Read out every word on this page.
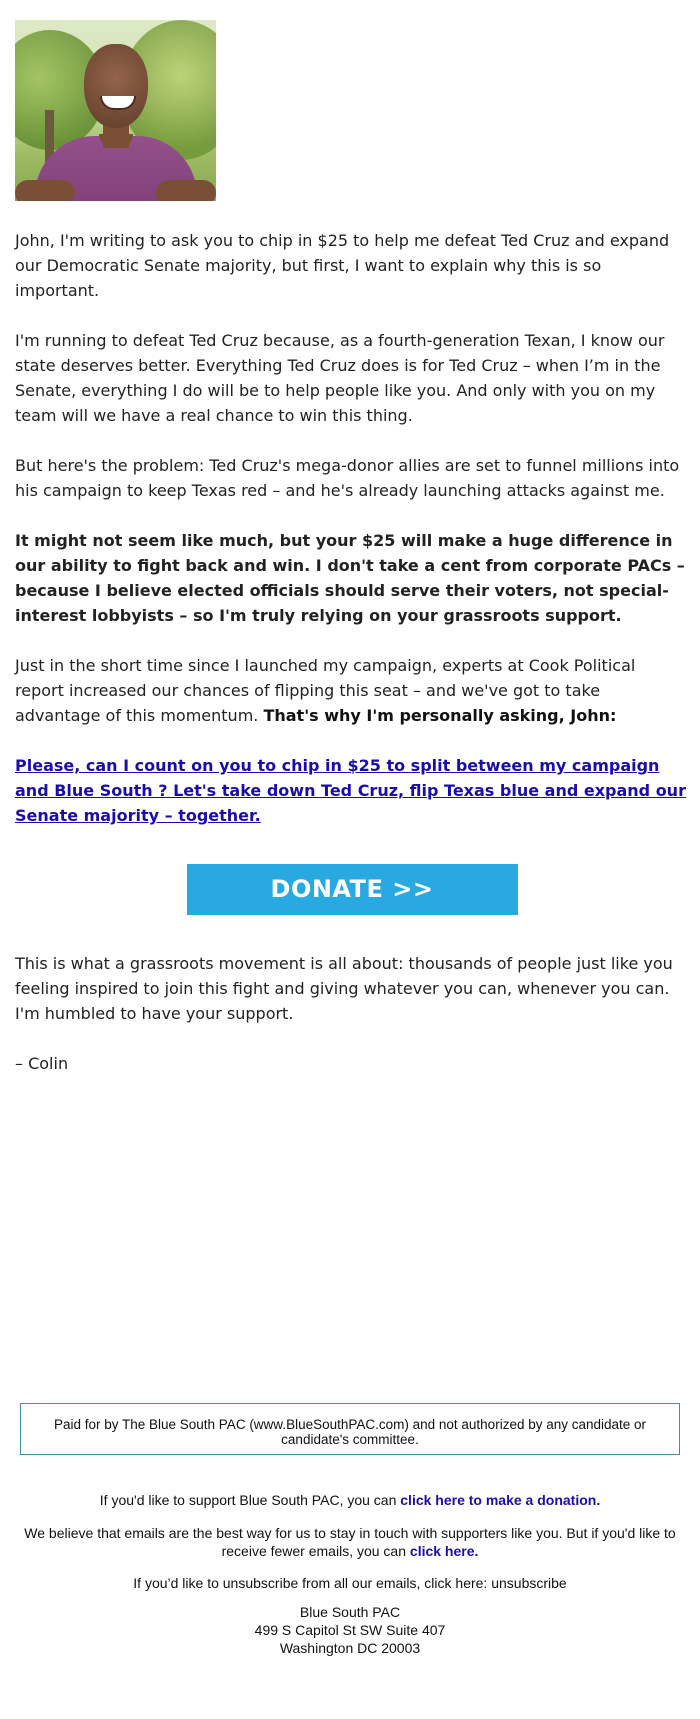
John, I'm writing to ask you to chip in $25 to help me defeat Ted Cruz and expand our Democratic Senate majority, but first, I want to explain why this is so important.

I'm running to defeat Ted Cruz because, as a fourth-generation Texan, I know our state deserves better. Everything Ted Cruz does is for Ted Cruz – when I’m in the Senate, everything I do will be to help people like you. And only with you on my team will we have a real chance to win this thing.

But here's the problem: Ted Cruz's mega-donor allies are set to funnel millions into his campaign to keep Texas red – and he's already launching attacks against me.

It might not seem like much, but your $25 will make a huge difference in our ability to fight back and win. I don't take a cent from corporate PACs – because I believe elected officials should serve their voters, not special-interest lobbyists – so I'm truly relying on your grassroots support.

Just in the short time since I launched my campaign, experts at Cook Political report increased our chances of flipping this seat – and we've got to take advantage of this momentum. That's why I'm personally asking, John:

Please, can I count on you to chip in $25 to split between my campaign and Blue South ? Let's take down Ted Cruz, flip Texas blue and expand our Senate majority – together.

DONATE >>

This is what a grassroots movement is all about: thousands of people just like you feeling inspired to join this fight and giving whatever you can, whenever you can. I'm humbled to have your support.

– Colin

Paid for by The Blue South PAC (www.BlueSouthPAC.com) and not authorized by any candidate or candidate's committee.
If you'd like to support Blue South PAC, you can click here to make a donation.
We believe that emails are the best way for us to stay in touch with supporters like you. But if you'd like to receive fewer emails, you can click here.
If you’d like to unsubscribe from all our emails, click here: unsubscribe
Blue South PAC
499 S Capitol St SW Suite 407
Washington DC 20003
